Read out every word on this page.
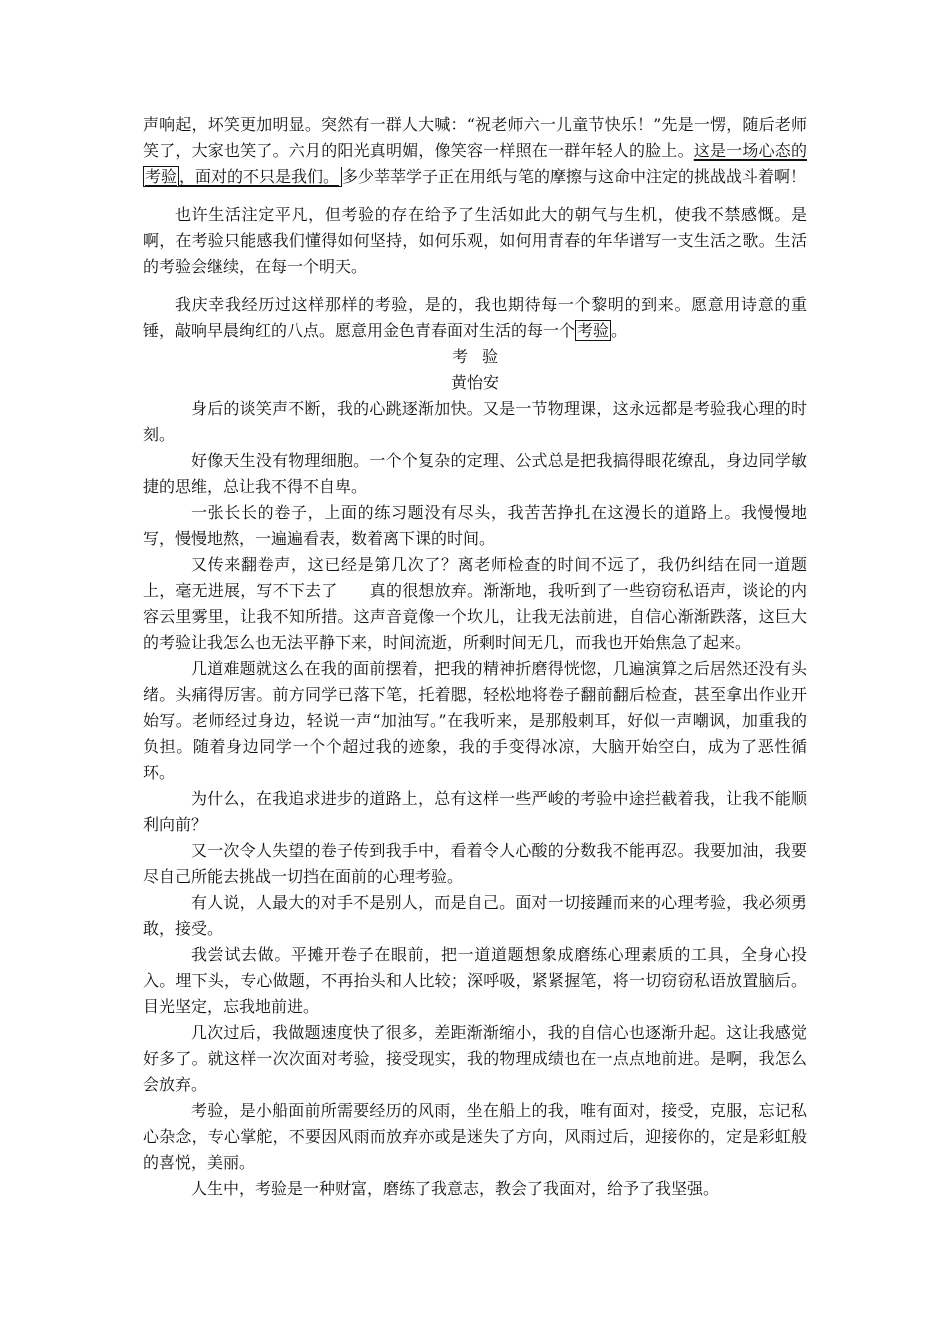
声响起，坏笑更加明显。突然有一群人大喊：“祝老师六一儿童节快乐！”先是一愣，随后老师笑了，大家也笑了。六月的阳光真明媚，像笑容一样照在一群年轻人的脸上。这是一场心态的考验 ，面对的不只是我们。 多少莘莘学子正在用纸与笔的摩擦与这命中注定的挑战战斗着啊！

也许生活注定平凡，但考验的存在给予了生活如此大的朝气与生机，使我不禁感慨。是啊，在考验只能感我们懂得如何坚持，如何乐观，如何用青春的年华谱写一支生活之歌。生活的考验会继续，在每一个明天。

我庆幸我经历过这样那样的考验，是的，我也期待每一个黎明的到来。愿意用诗意的重锤，敲响早晨绚红的八点。愿意用金色青春面对生活的每一个 考验 。

考验

黄怡安

身后的谈笑声不断，我的心跳逐渐加快。又是一节物理课，这永远都是考验我心理的时刻。

好像天生没有物理细胞。一个个复杂的定理、公式总是把我搞得眼花缭乱，身边同学敏捷的思维，总让我不得不自卑。

一张长长的卷子，上面的练习题没有尽头，我苦苦挣扎在这漫长的道路上。我慢慢地写，慢慢地熬，一遍遍看表，数着离下课的时间。

又传来翻卷声，这已经是第几次了？离老师检查的时间不远了，我仍纠结在同一道题上，毫无进展，写不下去了　　真的很想放弃。渐渐地，我听到了一些窃窃私语声，谈论的内容云里雾里，让我不知所措。这声音竟像一个坎儿，让我无法前进，自信心渐渐跌落，这巨大的考验让我怎么也无法平静下来，时间流逝，所剩时间无几，而我也开始焦急了起来。

几道难题就这么在我的面前摆着，把我的精神折磨得恍惚，几遍演算之后居然还没有头绪。头痛得厉害。前方同学已落下笔，托着腮，轻松地将卷子翻前翻后检查，甚至拿出作业开始写。老师经过身边，轻说一声“加油写。”在我听来，是那般刺耳，好似一声嘲讽，加重我的负担。随着身边同学一个个超过我的迹象，我的手变得冰凉，大脑开始空白，成为了恶性循环。

为什么，在我追求进步的道路上，总有这样一些严峻的考验中途拦截着我，让我不能顺利向前？

又一次令人失望的卷子传到我手中，看着令人心酸的分数我不能再忍。我要加油，我要尽自己所能去挑战一切挡在面前的心理考验。

有人说，人最大的对手不是别人，而是自己。面对一切接踵而来的心理考验，我必须勇敢，接受。

我尝试去做。平摊开卷子在眼前，把一道道题想象成磨练心理素质的工具，全身心投入。埋下头，专心做题，不再抬头和人比较；深呼吸，紧紧握笔，将一切窃窃私语放置脑后。目光坚定，忘我地前进。

几次过后，我做题速度快了很多，差距渐渐缩小，我的自信心也逐渐升起。这让我感觉好多了。就这样一次次面对考验，接受现实，我的物理成绩也在一点点地前进。是啊，我怎么会放弃。

考验，是小船面前所需要经历的风雨，坐在船上的我，唯有面对，接受，克服，忘记私心杂念，专心掌舵，不要因风雨而放弃亦或是迷失了方向，风雨过后，迎接你的，定是彩虹般的喜悦，美丽。

人生中，考验是一种财富，磨练了我意志，教会了我面对，给予了我坚强。
